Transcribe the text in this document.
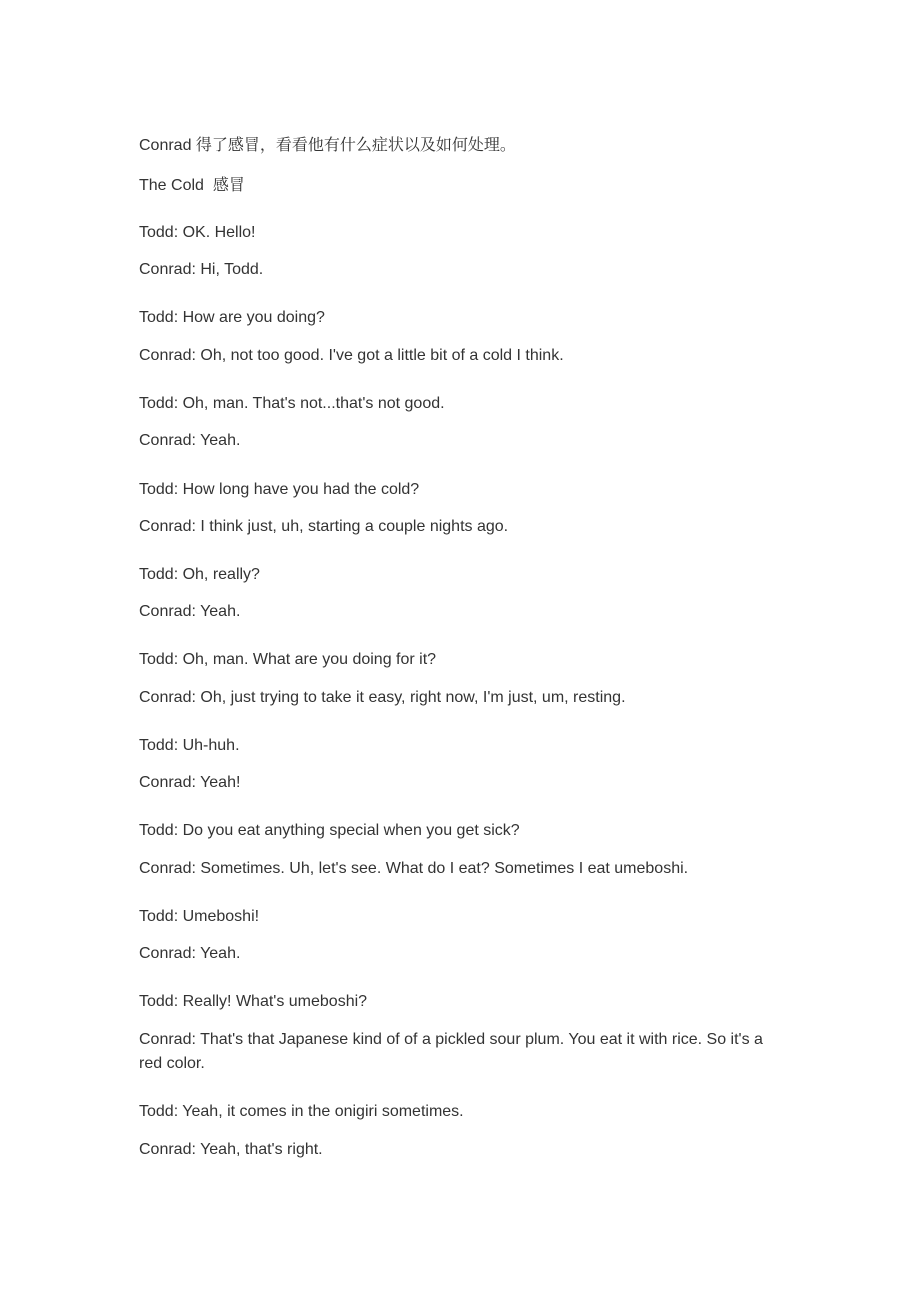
Conrad 得了感冒，看看他有什么症状以及如何处理。

The Cold 感冒

Todd: OK. Hello!

Conrad: Hi, Todd.

Todd: How are you doing?

Conrad: Oh, not too good. I've got a little bit of a cold I think.

Todd: Oh, man. That's not...that's not good.

Conrad: Yeah.

Todd: How long have you had the cold?

Conrad: I think just, uh, starting a couple nights ago.

Todd: Oh, really?

Conrad: Yeah.

Todd: Oh, man. What are you doing for it?

Conrad: Oh, just trying to take it easy, right now, I'm just, um, resting.

Todd: Uh-huh.

Conrad: Yeah!

Todd: Do you eat anything special when you get sick?

Conrad: Sometimes. Uh, let's see. What do I eat? Sometimes I eat umeboshi.

Todd: Umeboshi!

Conrad: Yeah.

Todd: Really! What's umeboshi?

Conrad: That's that Japanese kind of of a pickled sour plum. You eat it with rice. So it's a red color.

Todd: Yeah, it comes in the onigiri sometimes.

Conrad: Yeah, that's right.
